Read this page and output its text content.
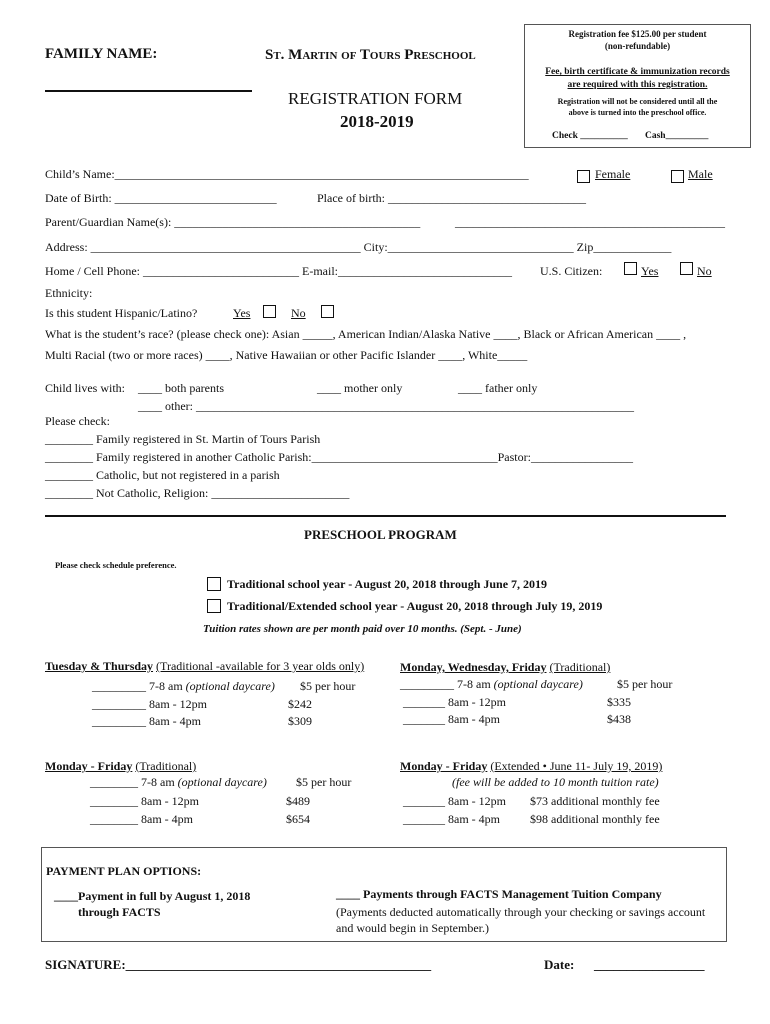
FAMILY NAME:	St. Martin of Tours Preschool
REGISTRATION FORM
2018-2019
Registration fee $125.00 per student
(non-refundable)
Fee, birth certificate & immunization records
are required with this registration.
Registration will not be considered until all the
above is turned into the preschool office.
Check __________ Cash_________
Child’s Name:_____________________________________________________________________	Female	Male
Date of Birth: ___________________________	Place of birth: _________________________________
Parent/Guardian Name(s): _________________________________________	_____________________________________________
Address: _____________________________________________ City:_______________________________ Zip_____________
Home / Cell Phone: __________________________ E-mail:_____________________________ U.S. Citizen:	Yes	No
Ethnicity:
Is this student Hispanic/Latino?	Yes	No
What is the student’s race? (please check one): Asian _____, American Indian/Alaska Native ____, Black or African American ____ ,
Multi Racial (two or more races) ____, Native Hawaiian or other Pacific Islander ____, White_____
Child lives with: ____ both parents	____ mother only	____ father only
____ other: _________________________________________________________________________
Please check:
________ Family registered in St. Martin of Tours Parish
________ Family registered in another Catholic Parish:_______________________________Pastor:_________________
________ Catholic, but not registered in a parish
________ Not Catholic, Religion: _______________________
PRESCHOOL PROGRAM
Please check schedule preference.
Traditional school year - August 20, 2018 through June 7, 2019
Traditional/Extended school year - August 20, 2018 through July 19, 2019
Tuition rates shown are per month paid over 10 months. (Sept. - June)
Tuesday & Thursday (Traditional -available for 3 year olds only)
_________ 7-8 am (optional daycare) $5 per hour
_________ 8am - 12pm	$242
_________ 8am - 4pm	$309
Monday, Wednesday, Friday (Traditional)
_________ 7-8 am (optional daycare)	$5 per hour
_______ 8am - 12pm	$335
_______ 8am - 4pm	$438
Monday - Friday (Traditional)
________ 7-8 am (optional daycare) $5 per hour
________ 8am - 12pm	$489
________ 8am - 4pm	$654
Monday - Friday (Extended • June 11- July 19, 2019)
(fee will be added to 10 month tuition rate)
_______ 8am - 12pm $73 additional monthly fee
_______ 8am - 4pm	$98 additional monthly fee
PAYMENT PLAN OPTIONS:
____Payment in full by August 1, 2018
through FACTS
____ Payments through FACTS Management Tuition Company
(Payments deducted automatically through your checking or savings account
and would begin in September.)
SIGNATURE:_______________________________________________	Date: _________________
